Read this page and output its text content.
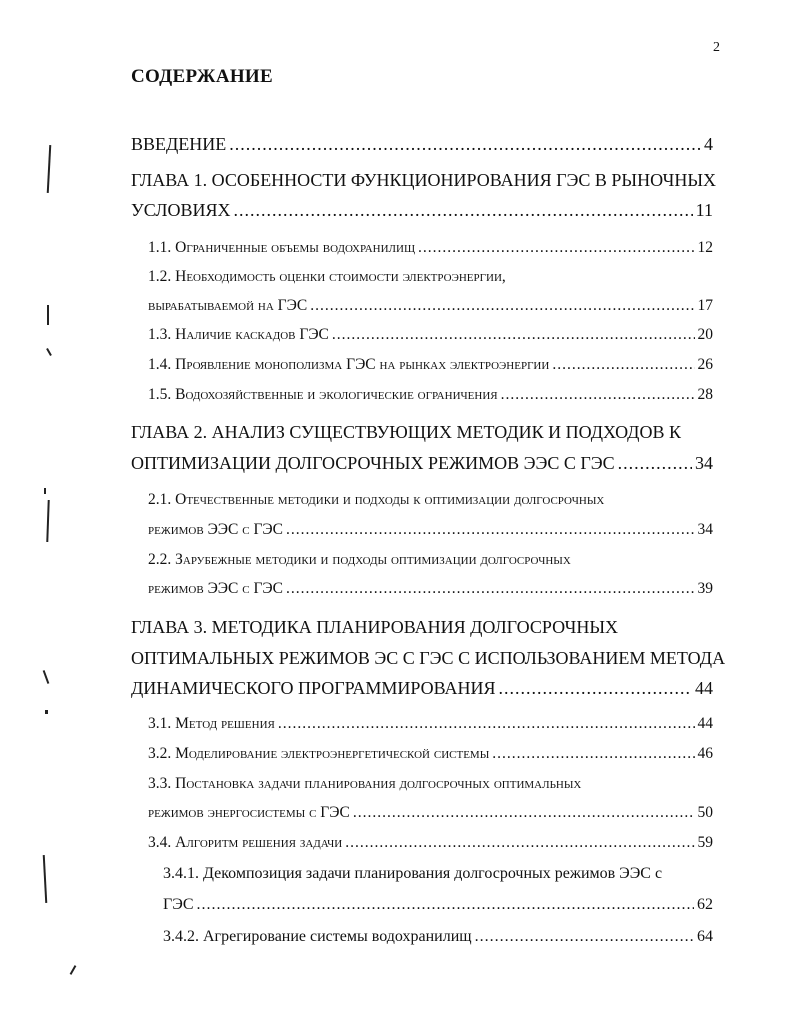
2
СОДЕРЖАНИЕ
ВВЕДЕНИЕ .....	4
ГЛАВА 1. ОСОБЕННОСТИ ФУНКЦИОНИРОВАНИЯ ГЭС В РЫНОЧНЫХ
УСЛОВИЯХ .....	11
1.1. Ограниченные объемы водохранилищ .....	12
1.2. Необходимость оценки стоимости электроэнергии,
вырабатываемой на ГЭС .....	17
1.3. Наличие каскадов ГЭС .....	20
1.4. Проявление монополизма ГЭС на рынках электроэнергии .....	26
1.5. Водохозяйственные и экологические ограничения .....	28
ГЛАВА 2. АНАЛИЗ СУЩЕСТВУЮЩИХ МЕТОДИК И ПОДХОДОВ К
ОПТИМИЗАЦИИ ДОЛГОСРОЧНЫХ РЕЖИМОВ ЭЭС С ГЭС .....	34
2.1. Отечественные методики и подходы к оптимизации долгосрочных
режимов ЭЭС с ГЭС .....	34
2.2. Зарубежные методики и подходы оптимизации долгосрочных
режимов ЭЭС с ГЭС .....	39
ГЛАВА 3. МЕТОДИКА ПЛАНИРОВАНИЯ ДОЛГОСРОЧНЫХ
ОПТИМАЛЬНЫХ РЕЖИМОВ ЭС С ГЭС С ИСПОЛЬЗОВАНИЕМ МЕТОДА
ДИНАМИЧЕСКОГО ПРОГРАММИРОВАНИЯ .....	44
3.1. Метод решения .....	44
3.2. Моделирование электроэнергетической системы .....	46
3.3. Постановка задачи планирования долгосрочных оптимальных
режимов энергосистемы с ГЭС .....	50
3.4. Алгоритм решения задачи .....	59
3.4.1. Декомпозиция задачи планирования долгосрочных режимов ЭЭС с
ГЭС .....	62
3.4.2. Агрегирование системы водохранилищ .....	64
